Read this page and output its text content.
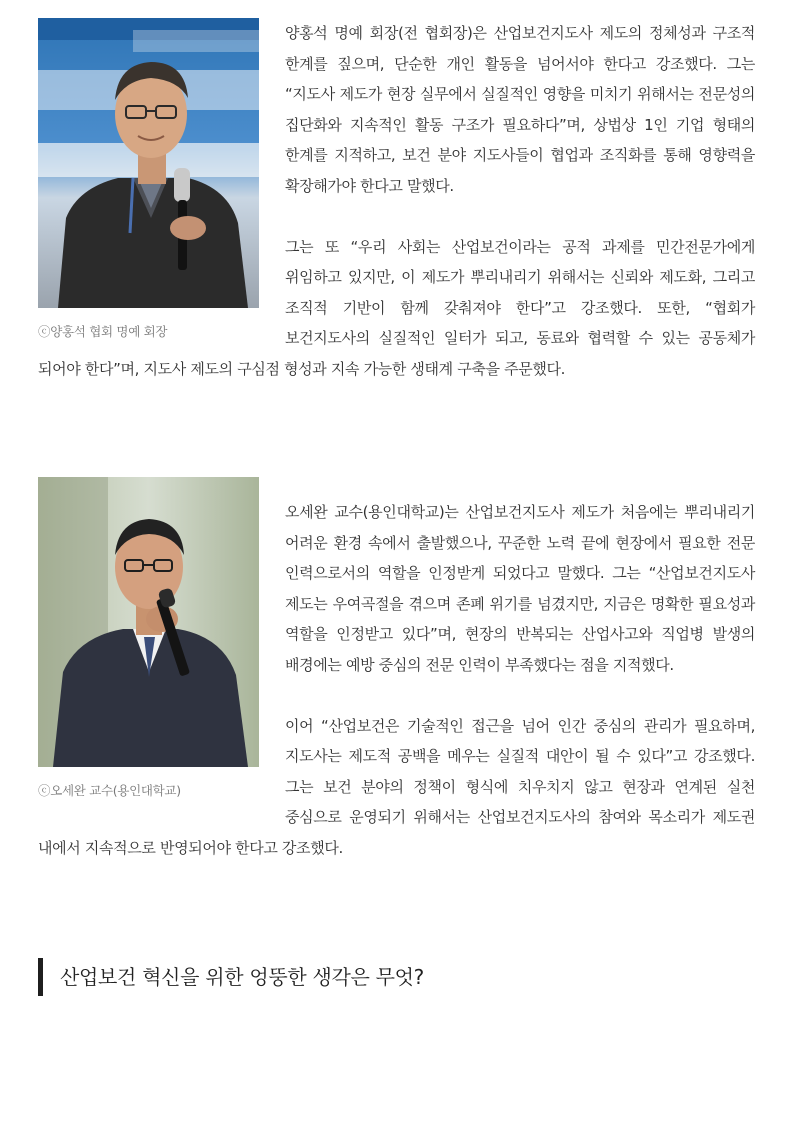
ⓒ양홍석 협회 명예 회장

양홍석 명예 회장(전 협회장)은 산업보건지도사 제도의 정체성과 구조적 한계를 짚으며, 단순한 개인 활동을 넘어서야 한다고 강조했다. 그는 “지도사 제도가 현장 실무에서 실질적인 영향을 미치기 위해서는 전문성의 집단화와 지속적인 활동 구조가 필요하다”며, 상법상 1인 기업 형태의 한계를 지적하고, 보건 분야 지도사들이 협업과 조직화를 통해 영향력을 확장해가야 한다고 말했다.

그는 또 “우리 사회는 산업보건이라는 공적 과제를 민간전문가에게 위임하고 있지만, 이 제도가 뿌리내리기 위해서는 신뢰와 제도화, 그리고 조직적 기반이 함께 갖춰져야 한다”고 강조했다. 또한, “협회가 보건지도사의 실질적인 일터가 되고, 동료와 협력할 수 있는 공동체가 되어야 한다”며, 지도사 제도의 구심점 형성과 지속 가능한 생태계 구축을 주문했다.

ⓒ오세완 교수(용인대학교)

오세완 교수(용인대학교)는 산업보건지도사 제도가 처음에는 뿌리내리기 어려운 환경 속에서 출발했으나, 꾸준한 노력 끝에 현장에서 필요한 전문 인력으로서의 역할을 인정받게 되었다고 말했다. 그는 “산업보건지도사 제도는 우여곡절을 겪으며 존폐 위기를 넘겼지만, 지금은 명확한 필요성과 역할을 인정받고 있다”며, 현장의 반복되는 산업사고와 직업병 발생의 배경에는 예방 중심의 전문 인력이 부족했다는 점을 지적했다.

이어 “산업보건은 기술적인 접근을 넘어 인간 중심의 관리가 필요하며, 지도사는 제도적 공백을 메우는 실질적 대안이 될 수 있다”고 강조했다. 그는 보건 분야의 정책이 형식에 치우치지 않고 현장과 연계된 실천 중심으로 운영되기 위해서는 산업보건지도사의 참여와 목소리가 제도권 내에서 지속적으로 반영되어야 한다고 강조했다.

산업보건 혁신을 위한 엉뚱한 생각은 무엇?
